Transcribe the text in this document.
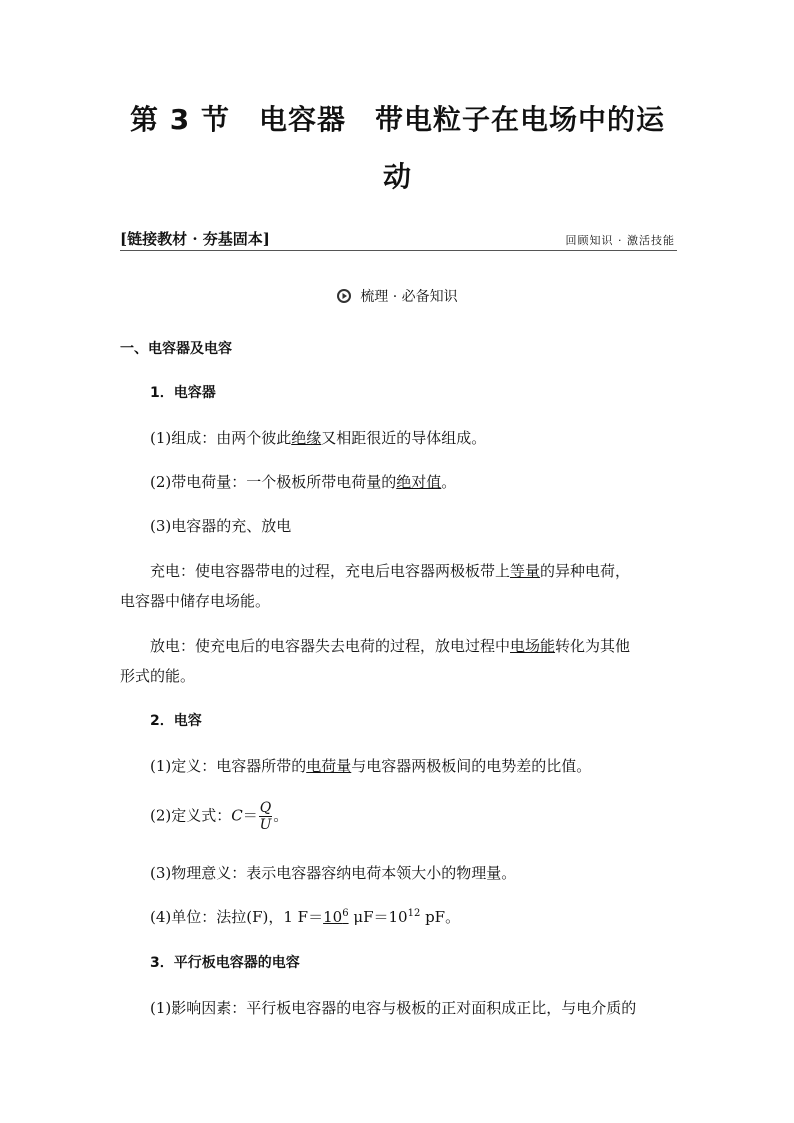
第 3 节　电容器　带电粒子在电场中的运
动
[链接教材 · 夯基固本]	回顾知识 · 激活技能
梳理 · 必备知识
一、电容器及电容
1．电容器
(1)组成：由两个彼此绝缘又相距很近的导体组成。
(2)带电荷量：一个极板所带电荷量的绝对值。
(3)电容器的充、放电
充电：使电容器带电的过程，充电后电容器两极板带上等量的异种电荷，
电容器中储存电场能。
放电：使充电后的电容器失去电荷的过程，放电过程中电场能转化为其他
形式的能。
2．电容
(1)定义：电容器所带的电荷量与电容器两极板间的电势差的比值。
(2)定义式：$C= \frac{Q}{U}$ 。
(3)物理意义：表示电容器容纳电荷本领大小的物理量。
(4)单位：法拉(F)，1 $F=10^6$ $\mu F=10^{12}$ pF。
3．平行板电容器的电容
(1)影响因素：平行板电容器的电容与极板的正对面积成正比，与电介质的
